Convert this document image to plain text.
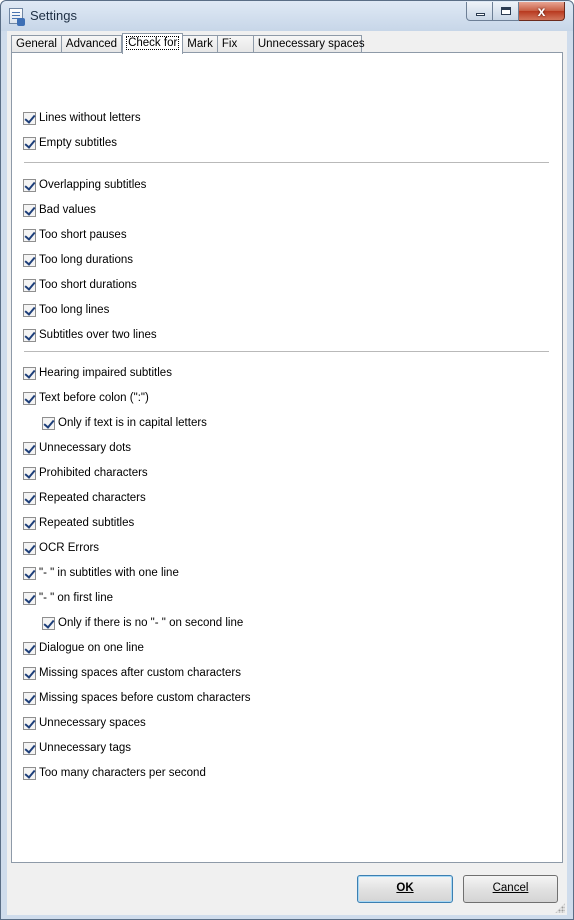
Settings	x
General Advanced Check for Mark Fix	Unnecessary spaces
Lines without letters
Empty subtitles
Overlapping subtitles
Bad values
Too short pauses
Too long durations
Too short durations
Too long lines
Subtitles over two lines
Hearing impaired subtitles
Text before colon (":")
Only if text is in capital letters
Unnecessary dots
Prohibited characters
Repeated characters
Repeated subtitles
OCR Errors
"- " in subtitles with one line
"- " on first line
Only if there is no "- " on second line
Dialogue on one line
Missing spaces after custom characters
Missing spaces before custom characters
Unnecessary spaces
Unnecessary tags
Too many characters per second
OK	Cancel
